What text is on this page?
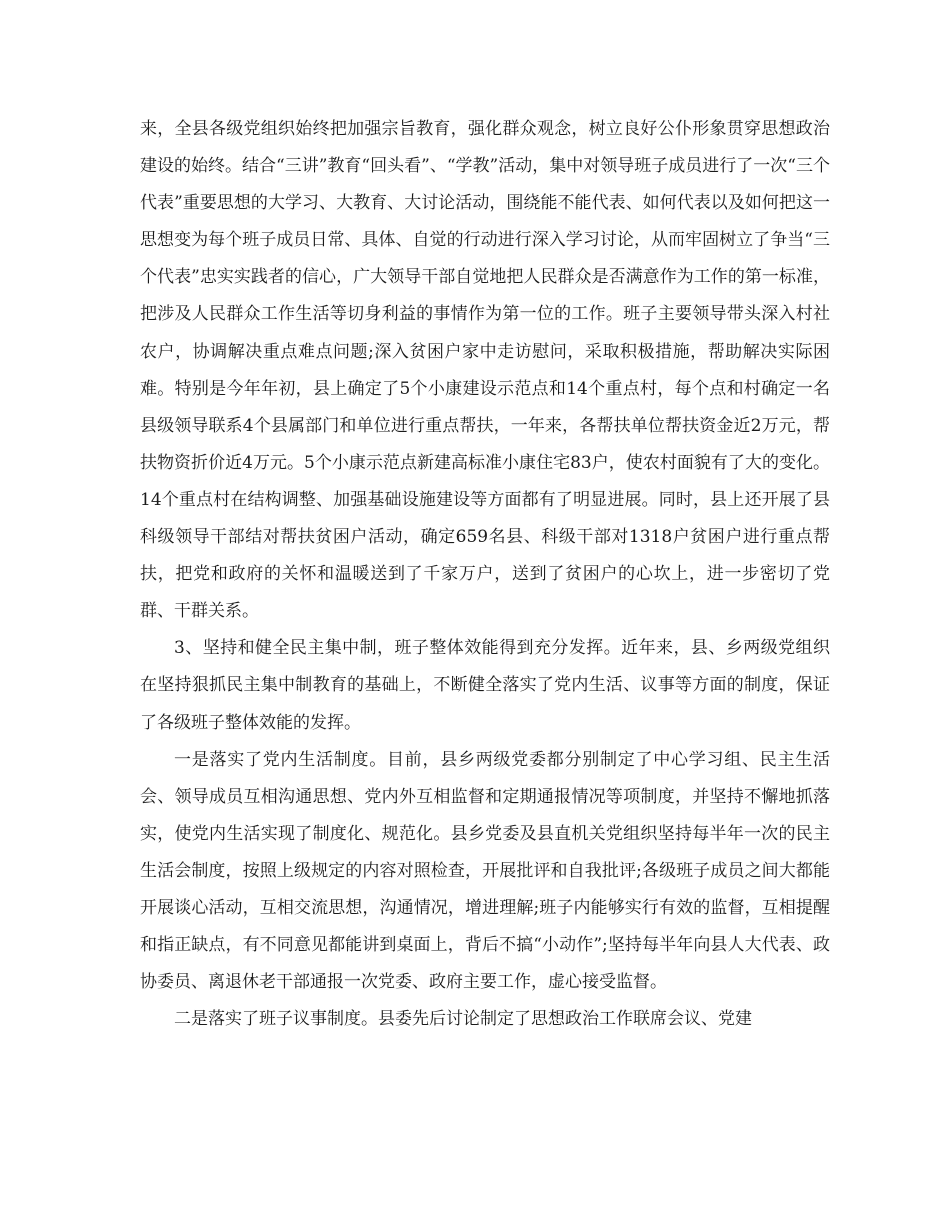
来，全县各级党组织始终把加强宗旨教育，强化群众观念，树立良好公仆形象贯穿思想政治建设的始终。结合“三讲”教育“回头看”、“学教”活动，集中对领导班子成员进行了一次“三个代表”重要思想的大学习、大教育、大讨论活动，围绕能不能代表、如何代表以及如何把这一思想变为每个班子成员日常、具体、自觉的行动进行深入学习讨论，从而牢固树立了争当“三个代表”忠实实践者的信心，广大领导干部自觉地把人民群众是否满意作为工作的第一标准，把涉及人民群众工作生活等切身利益的事情作为第一位的工作。班子主要领导带头深入村社农户，协调解决重点难点问题;深入贫困户家中走访慰问，采取积极措施，帮助解决实际困难。特别是今年年初，县上确定了5个小康建设示范点和14个重点村，每个点和村确定一名县级领导联系4个县属部门和单位进行重点帮扶，一年来，各帮扶单位帮扶资金近2万元，帮扶物资折价近4万元。5个小康示范点新建高标准小康住宅83户，使农村面貌有了大的变化。14个重点村在结构调整、加强基础设施建设等方面都有了明显进展。同时，县上还开展了县科级领导干部结对帮扶贫困户活动，确定659名县、科级干部对1318户贫困户进行重点帮扶，把党和政府的关怀和温暖送到了千家万户，送到了贫困户的心坎上，进一步密切了党群、干群关系。

3、坚持和健全民主集中制，班子整体效能得到充分发挥。近年来，县、乡两级党组织在坚持狠抓民主集中制教育的基础上，不断健全落实了党内生活、议事等方面的制度，保证了各级班子整体效能的发挥。

一是落实了党内生活制度。目前，县乡两级党委都分别制定了中心学习组、民主生活会、领导成员互相沟通思想、党内外互相监督和定期通报情况等项制度，并坚持不懈地抓落实，使党内生活实现了制度化、规范化。县乡党委及县直机关党组织坚持每半年一次的民主生活会制度，按照上级规定的内容对照检查，开展批评和自我批评;各级班子成员之间大都能开展谈心活动，互相交流思想，沟通情况，增进理解;班子内能够实行有效的监督，互相提醒和指正缺点，有不同意见都能讲到桌面上，背后不搞“小动作”;坚持每半年向县人大代表、政协委员、离退休老干部通报一次党委、政府主要工作，虚心接受监督。

二是落实了班子议事制度。县委先后讨论制定了思想政治工作联席会议、党建
